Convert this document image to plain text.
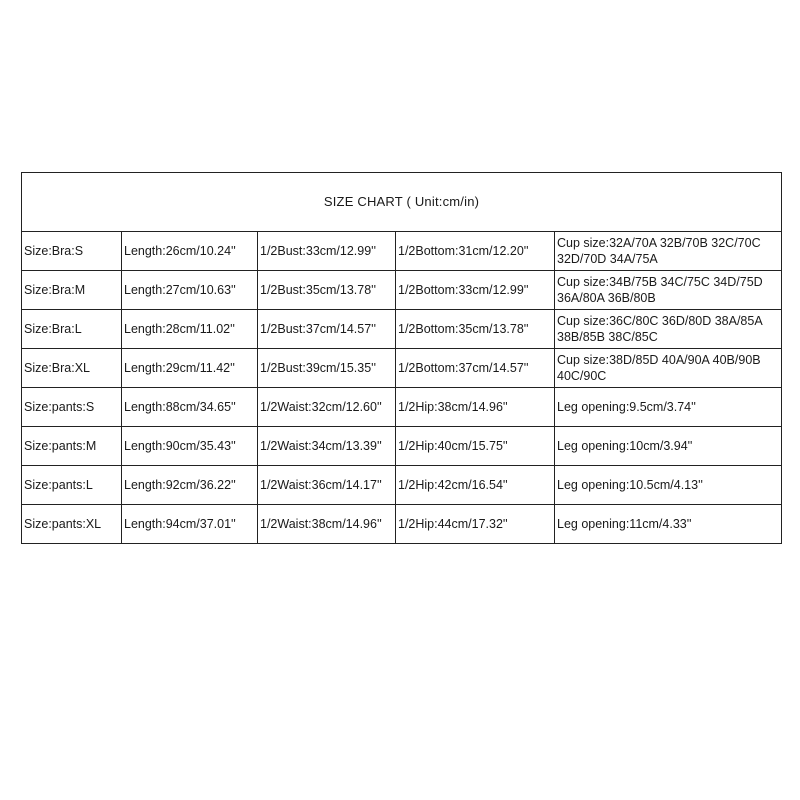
SIZE CHART ( Unit:cm/in)				
Size:Bra:S	Length:26cm/10.24''	1/2Bust:33cm/12.99''	1/2Bottom:31cm/12.20''	Cup size:32A/70A 32B/70B 32C/70C 32D/70D 34A/75A
Size:Bra:M	Length:27cm/10.63''	1/2Bust:35cm/13.78''	1/2Bottom:33cm/12.99''	Cup size:34B/75B 34C/75C 34D/75D 36A/80A 36B/80B
Size:Bra:L	Length:28cm/11.02''	1/2Bust:37cm/14.57''	1/2Bottom:35cm/13.78''	Cup size:36C/80C 36D/80D 38A/85A 38B/85B 38C/85C
Size:Bra:XL	Length:29cm/11.42''	1/2Bust:39cm/15.35''	1/2Bottom:37cm/14.57''	Cup size:38D/85D 40A/90A 40B/90B 40C/90C
Size:pants:S	Length:88cm/34.65''	1/2Waist:32cm/12.60''	1/2Hip:38cm/14.96''	Leg opening:9.5cm/3.74''
Size:pants:M	Length:90cm/35.43''	1/2Waist:34cm/13.39''	1/2Hip:40cm/15.75''	Leg opening:10cm/3.94''
Size:pants:L	Length:92cm/36.22''	1/2Waist:36cm/14.17''	1/2Hip:42cm/16.54''	Leg opening:10.5cm/4.13''
Size:pants:XL	Length:94cm/37.01''	1/2Waist:38cm/14.96''	1/2Hip:44cm/17.32''	Leg opening:11cm/4.33''
